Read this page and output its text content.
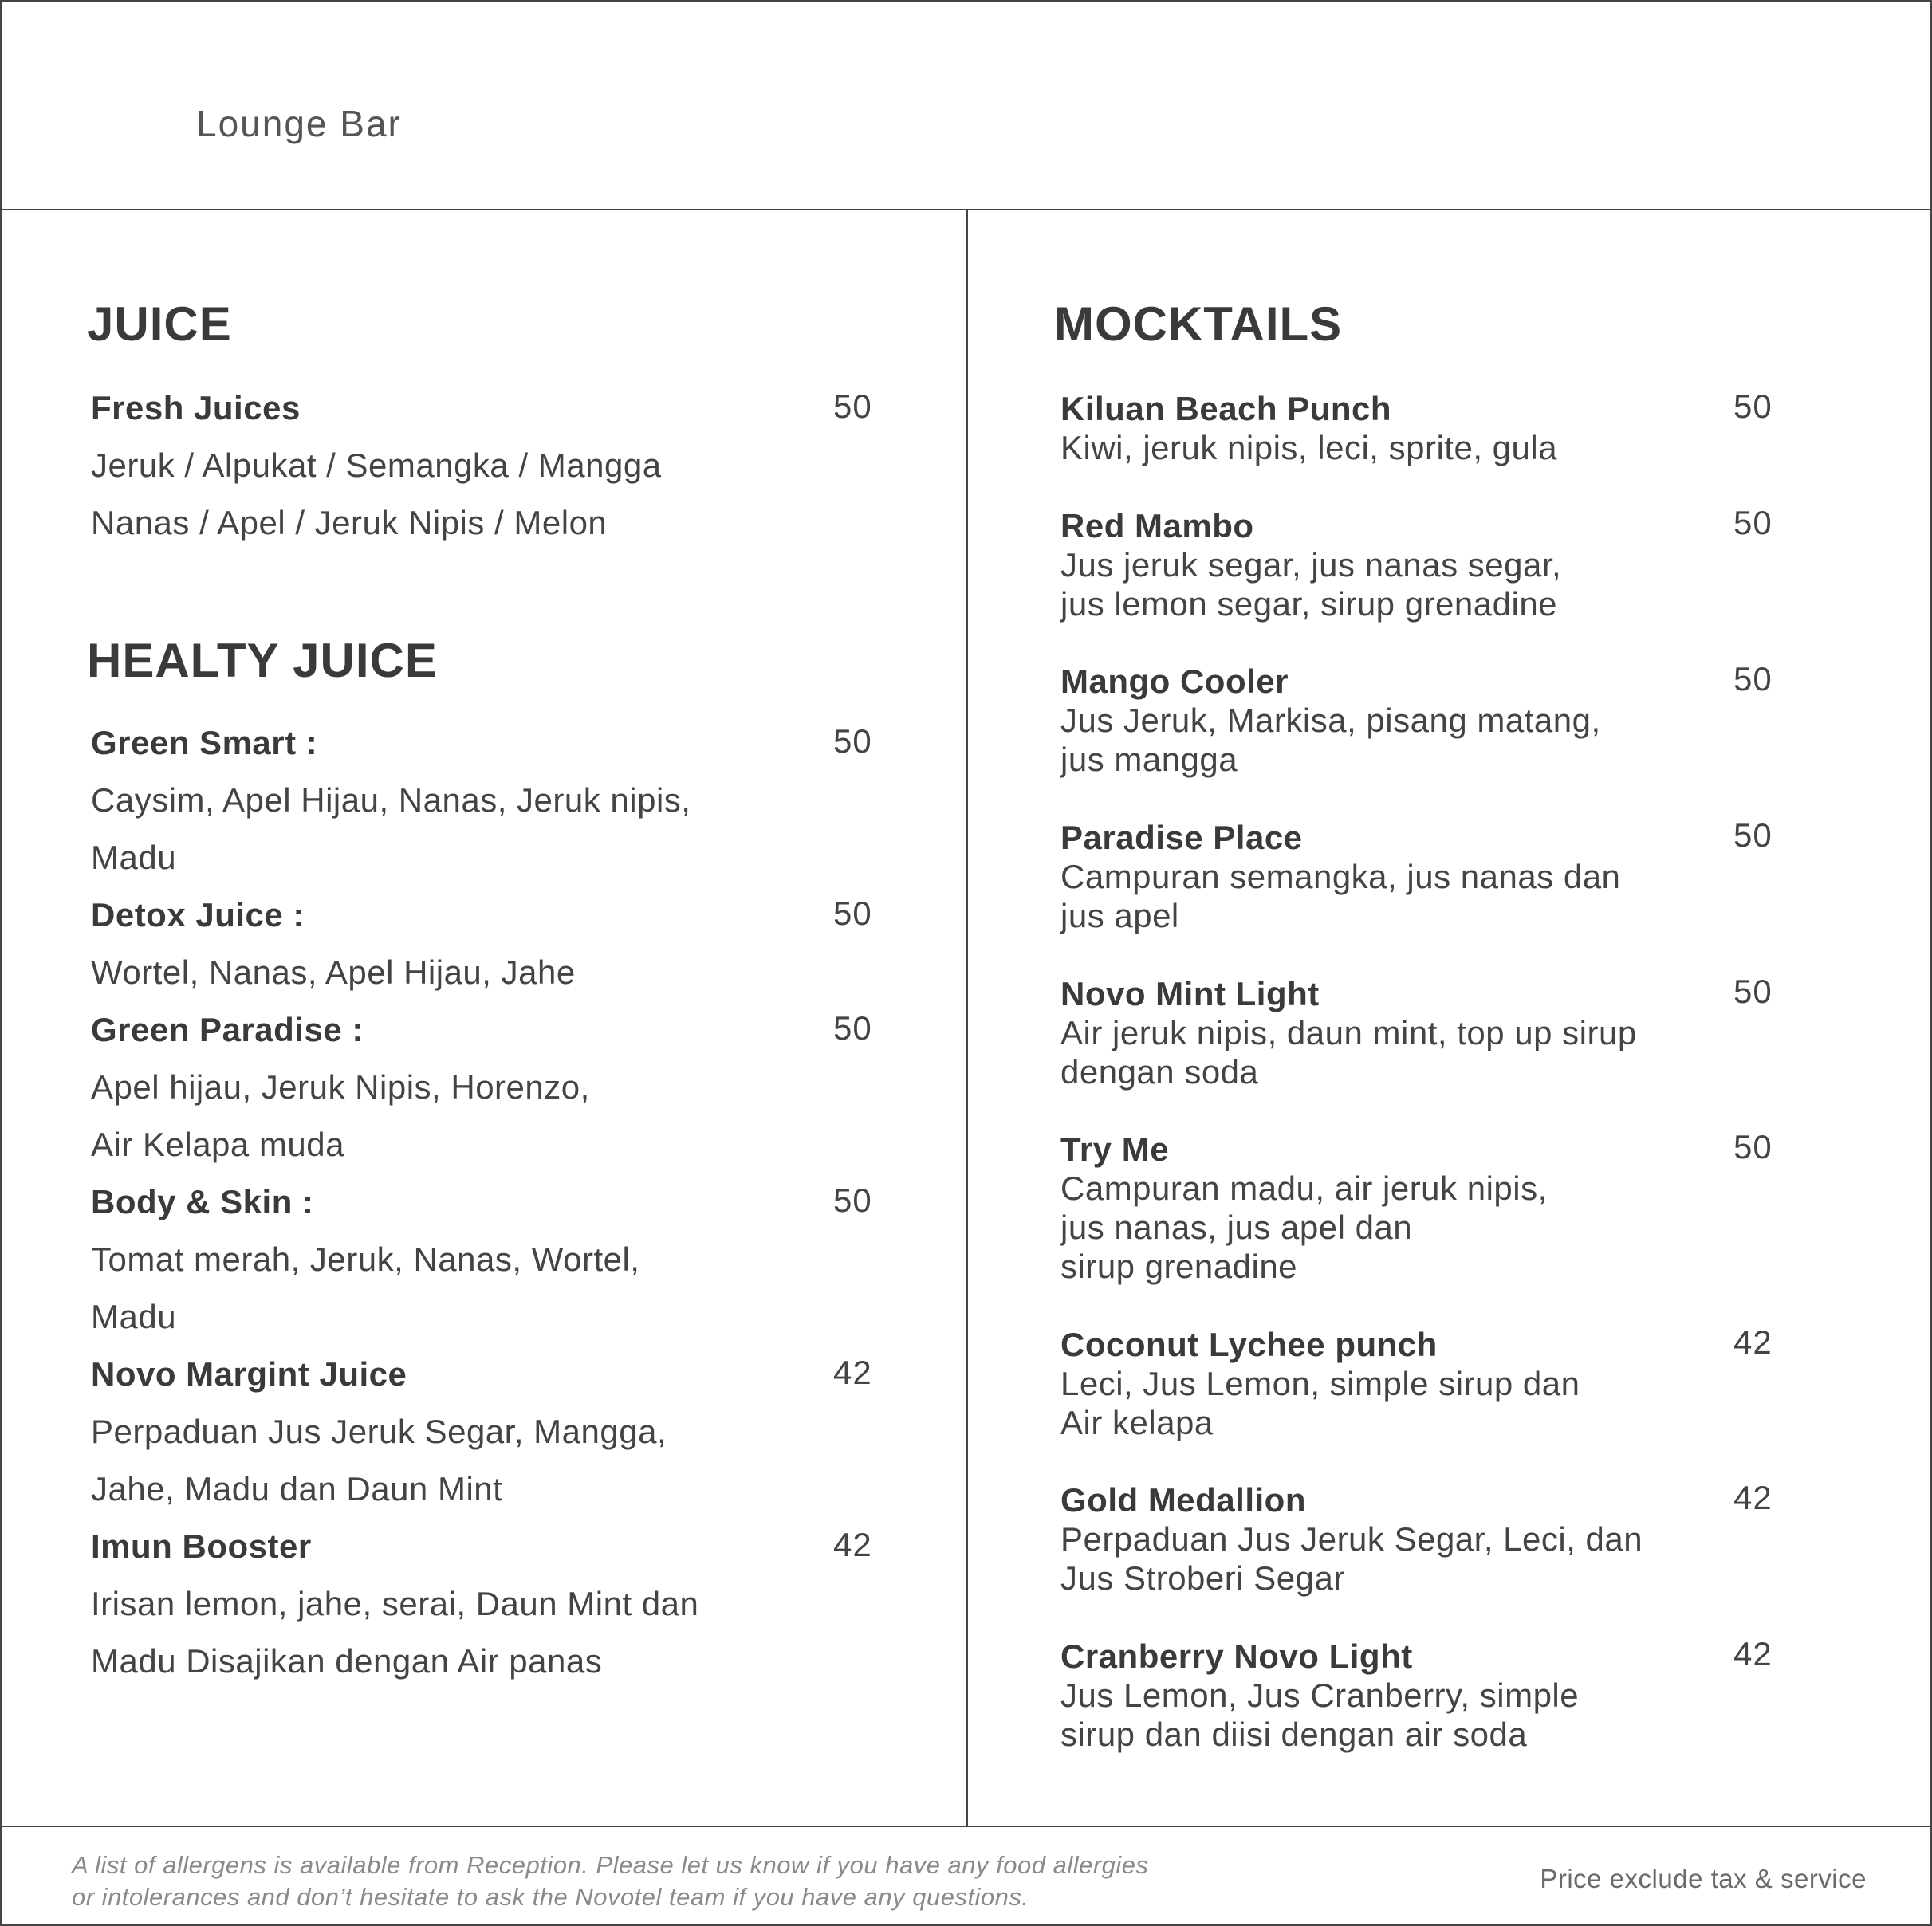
Lounge Bar
JUICE
Fresh Juices	50
Jeruk / Alpukat / Semangka / Mangga
Nanas / Apel / Jeruk Nipis / Melon
HEALTY JUICE
Green Smart :	50
Caysim, Apel Hijau, Nanas, Jeruk nipis,
Madu
Detox Juice :	50
Wortel, Nanas, Apel Hijau, Jahe
Green Paradise :	50
Apel hijau, Jeruk Nipis, Horenzo,
Air Kelapa muda
Body & Skin :	50
Tomat merah, Jeruk, Nanas, Wortel,
Madu
Novo Margint Juice	42
Perpaduan Jus Jeruk Segar, Mangga,
Jahe, Madu dan Daun Mint
Imun Booster	42
Irisan lemon, jahe, serai, Daun Mint dan
Madu Disajikan dengan Air panas
MOCKTAILS
Kiluan Beach Punch	50
Kiwi, jeruk nipis, leci, sprite, gula
Red Mambo	50
Jus jeruk segar, jus nanas segar,
jus lemon segar, sirup grenadine
Mango Cooler	50
Jus Jeruk, Markisa, pisang matang,
jus mangga
Paradise Place	50
Campuran semangka, jus nanas dan
jus apel
Novo Mint Light	50
Air jeruk nipis, daun mint, top up sirup
dengan soda
Try Me	50
Campuran madu, air jeruk nipis,
jus nanas, jus apel dan
sirup grenadine
Coconut Lychee punch	42
Leci, Jus Lemon, simple sirup dan
Air kelapa
Gold Medallion	42
Perpaduan Jus Jeruk Segar, Leci, dan
Jus Stroberi Segar
Cranberry Novo Light	42
Jus Lemon, Jus Cranberry, simple
sirup dan diisi dengan air soda
A list of allergens is available from Reception. Please let us know if you have any food allergies
or intolerances and don’t hesitate to ask the Novotel team if you have any questions.
Price exclude tax & service
